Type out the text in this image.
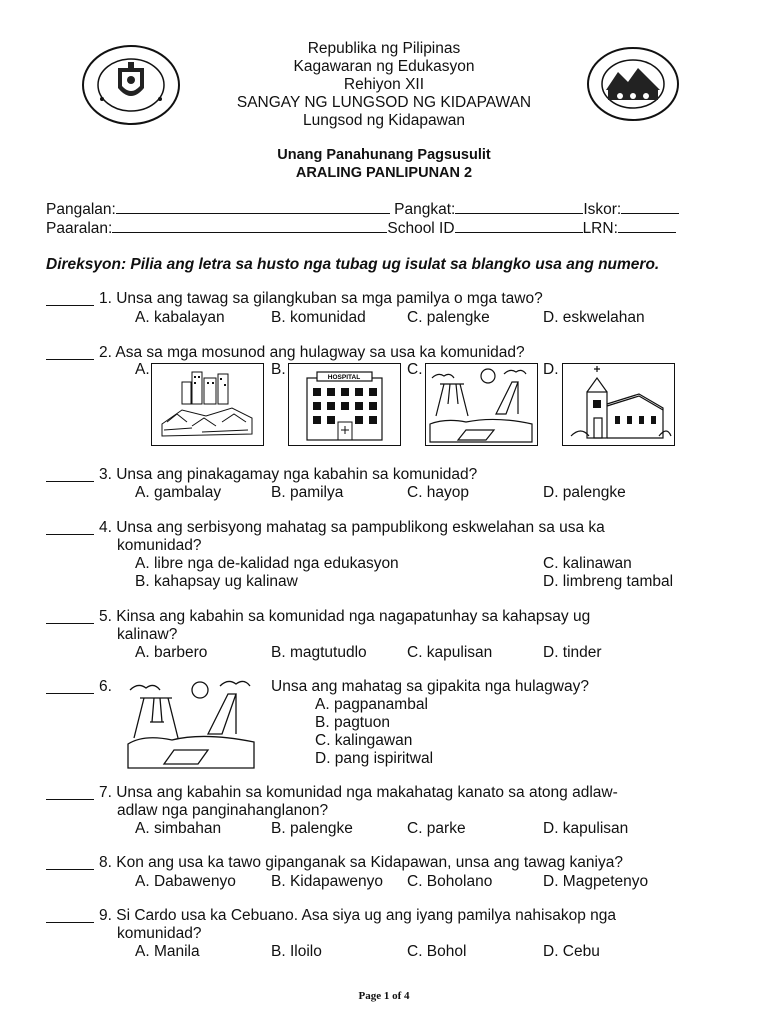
Republika ng Pilipinas
Kagawaran ng Edukasyon
Rehiyon XII
SANGAY NG LUNGSOD NG KIDAPAWAN
Lungsod ng Kidapawan
Unang Panahunang Pagsusulit
ARALING PANLIPUNAN 2
Pangalan:	Pangkat:	Iskor:
Paaralan:	School ID	LRN:
Direksyon: Pilia ang letra sa husto nga tubag ug isulat sa blangko usa ang numero.
1. Unsa ang tawag sa gilangkuban sa mga pamilya o mga tawo?
A. kabalayan	B. komunidad	C. palengke	D. eskwelahan
2. Asa sa mga mosunod ang hulagway sa usa ka komunidad?
A.	B.	C.	D.
HOSPITAL
3. Unsa ang pinakagamay nga kabahin sa komunidad?
A. gambalay	B. pamilya	C. hayop	D. palengke
4. Unsa ang serbisyong mahatag sa pampublikong eskwelahan sa usa ka
komunidad?
A. libre nga de-kalidad nga edukasyon	C. kalinawan
B. kahapsay ug kalinaw	D. limbreng tambal
5. Kinsa ang kabahin sa komunidad nga nagapatunhay sa kahapsay ug
kalinaw?
A. barbero	B. magtutudlo	C. kapulisan	D. tinder
6.	Unsa ang mahatag sa gipakita nga hulagway?
A. pagpanambal
B. pagtuon
C. kalingawan
D. pang ispiritwal
7. Unsa ang kabahin sa komunidad nga makahatag kanato sa atong adlaw-
adlaw nga panginahanglanon?
A. simbahan	B. palengke	C. parke	D. kapulisan
8. Kon ang usa ka tawo gipanganak sa Kidapawan, unsa ang tawag kaniya?
A. Dabawenyo B. Kidapawenyo C. Boholano	D. Magpetenyo
9. Si Cardo usa ka Cebuano. Asa siya ug ang iyang pamilya nahisakop nga
komunidad?
A. Manila	B. Iloilo	C. Bohol	D. Cebu
Page 1 of 4
